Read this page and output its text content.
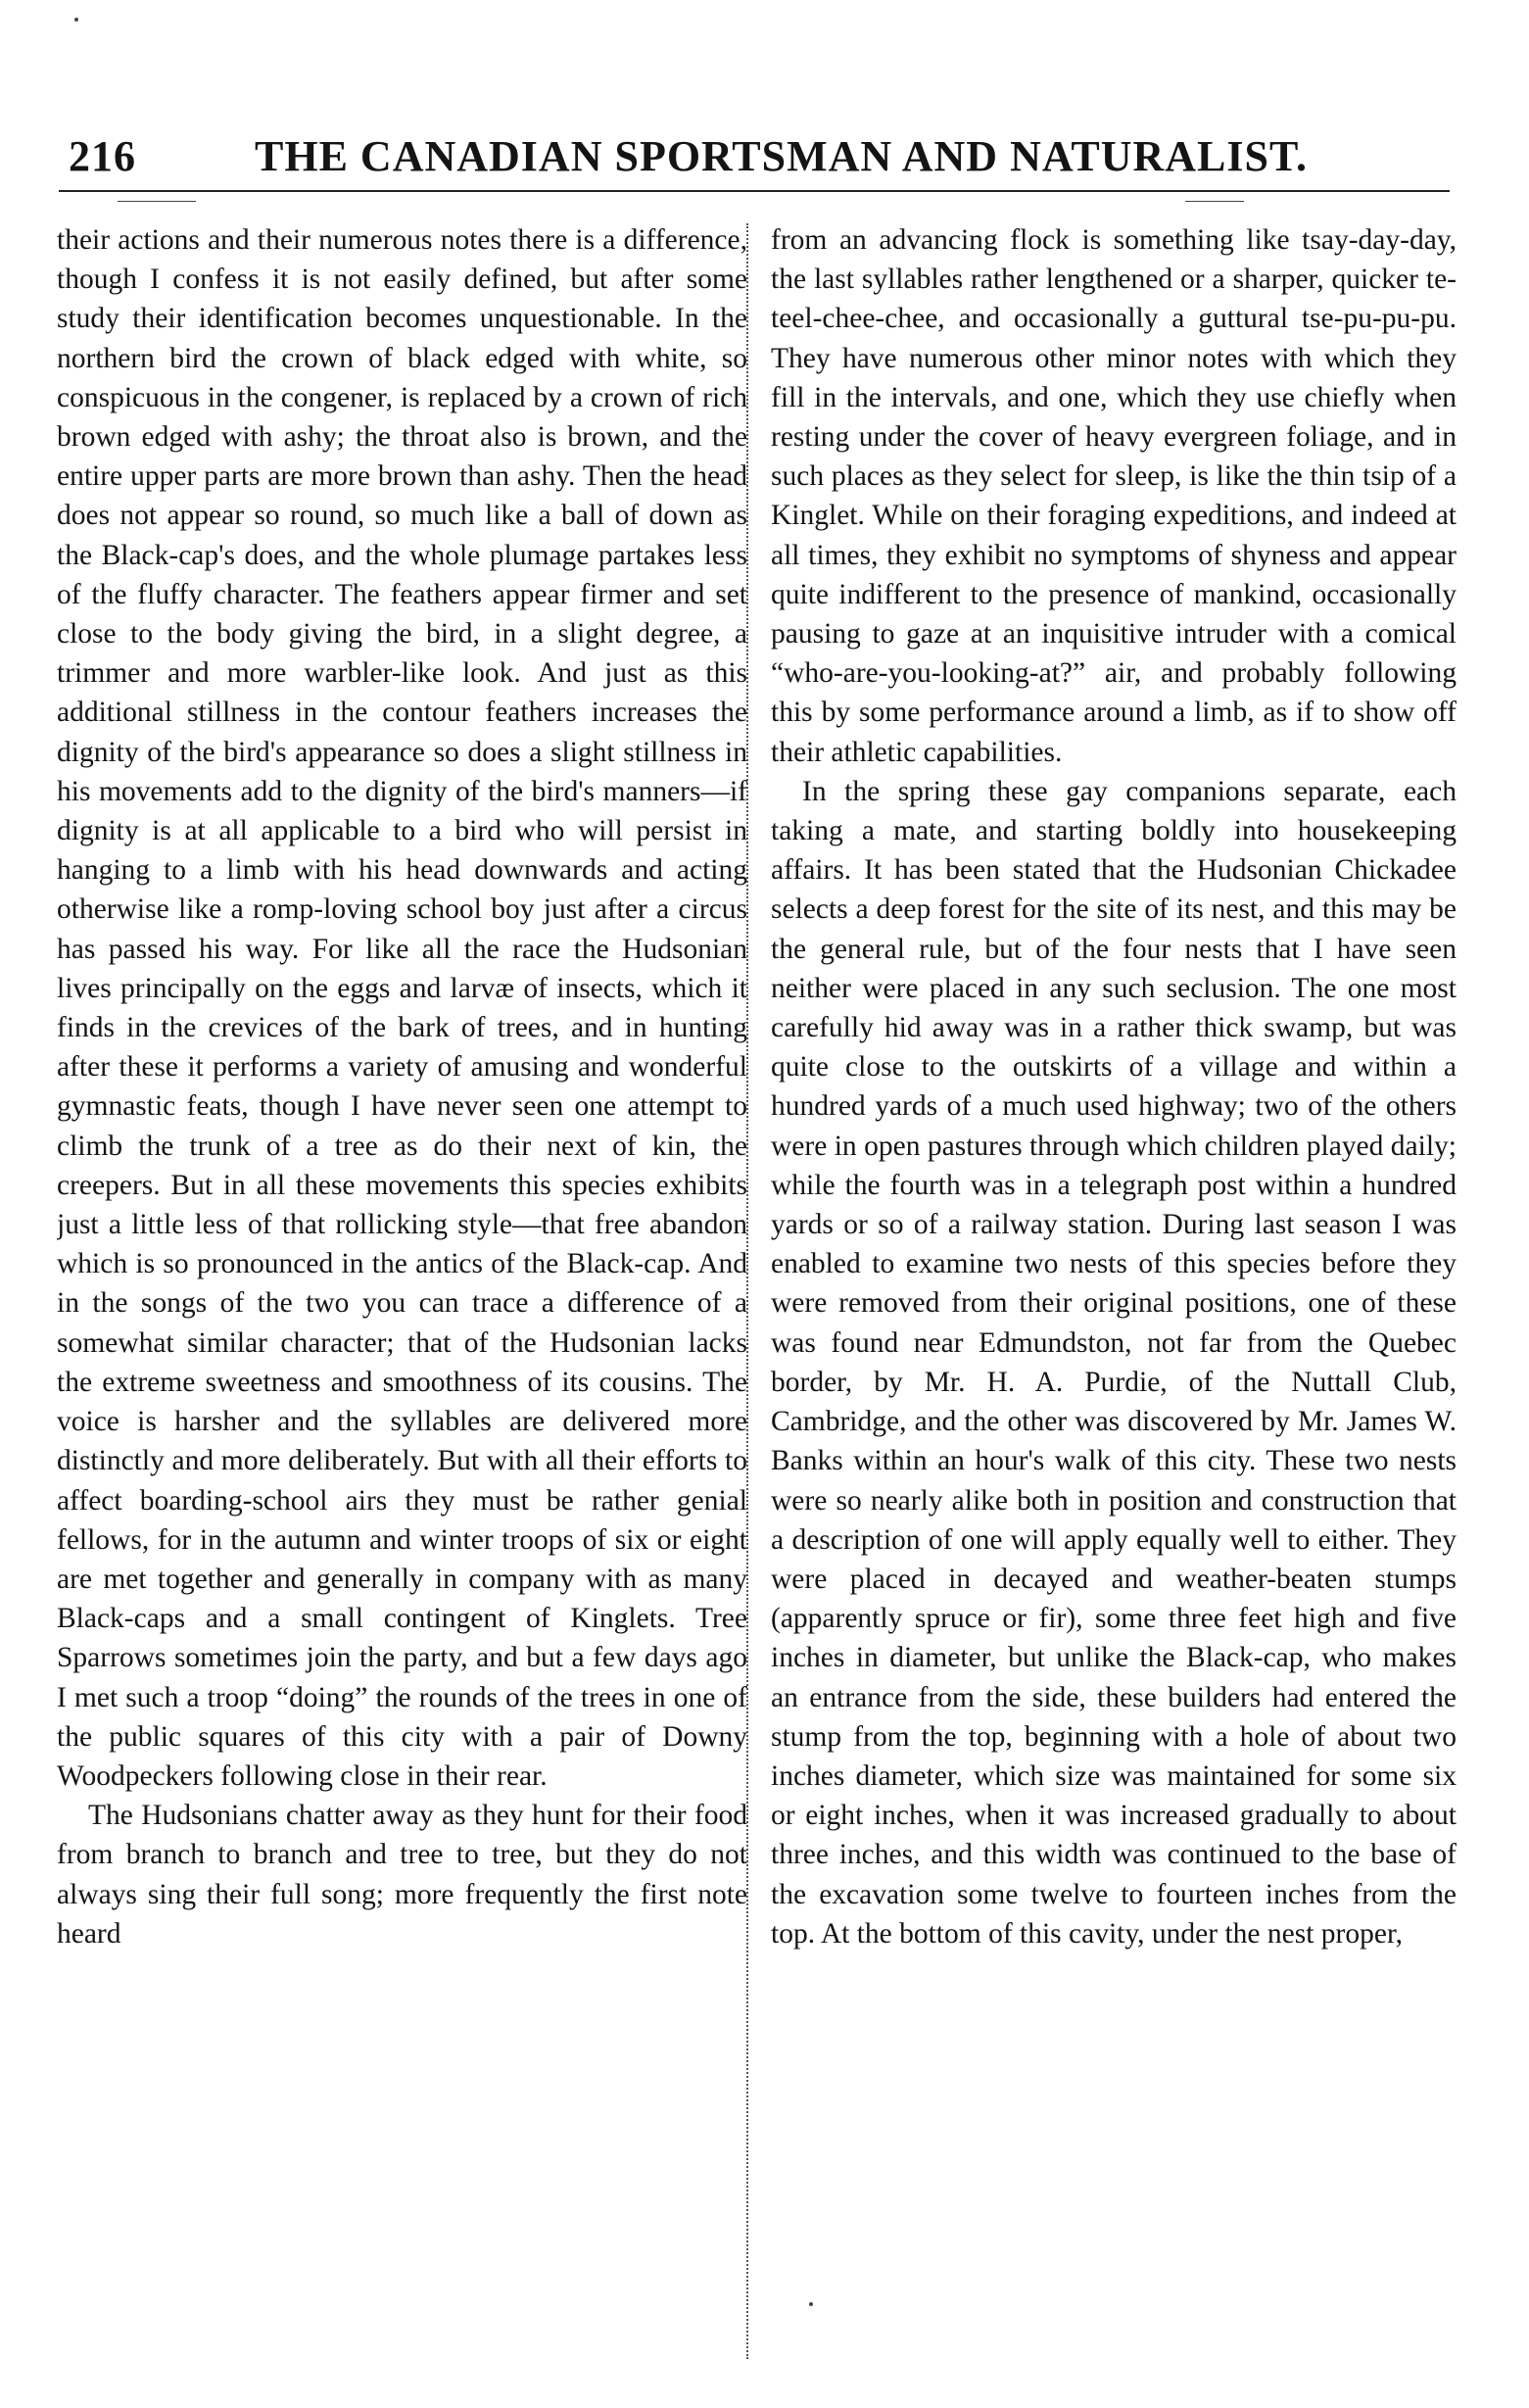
216	THE CANADIAN SPORTSMAN AND NATURALIST.

their actions and their numerous notes there is a difference, though I confess it is not easily defined, but after some study their identification becomes unquestionable. In the northern bird the crown of black edged with white, so conspicuous in the congener, is replaced by a crown of rich brown edged with ashy; the throat also is brown, and the entire upper parts are more brown than ashy. Then the head does not appear so round, so much like a ball of down as the Black-cap's does, and the whole plumage partakes less of the fluffy character. The feathers appear firmer and set close to the body giving the bird, in a slight degree, a trimmer and more warbler-like look. And just as this additional stillness in the contour feathers increases the dignity of the bird's appearance so does a slight stillness in his movements add to the dignity of the bird's manners—if dignity is at all applicable to a bird who will persist in hanging to a limb with his head downwards and acting otherwise like a romp-loving school boy just after a circus has passed his way. For like all the race the Hudsonian lives principally on the eggs and larvæ of insects, which it finds in the crevices of the bark of trees, and in hunting after these it performs a variety of amusing and wonderful gymnastic feats, though I have never seen one attempt to climb the trunk of a tree as do their next of kin, the creepers. But in all these movements this species exhibits just a little less of that rollicking style—that free abandon which is so pronounced in the antics of the Black-cap. And in the songs of the two you can trace a difference of a somewhat similar character; that of the Hudsonian lacks the extreme sweetness and smoothness of its cousins. The voice is harsher and the syllables are delivered more distinctly and more deliberately. But with all their efforts to affect boarding-school airs they must be rather genial fellows, for in the autumn and winter troops of six or eight are met together and generally in company with as many Black-caps and a small contingent of Kinglets. Tree Sparrows sometimes join the party, and but a few days ago I met such a troop “doing” the rounds of the trees in one of the public squares of this city with a pair of Downy Woodpeckers following close in their rear.

The Hudsonians chatter away as they hunt for their food from branch to branch and tree to tree, but they do not always sing their full song; more frequently the first note heard

from an advancing flock is something like tsay-day-day, the last syllables rather lengthened or a sharper, quicker te-teel-chee-chee, and occasionally a guttural tse-pu-pu-pu. They have numerous other minor notes with which they fill in the intervals, and one, which they use chiefly when resting under the cover of heavy evergreen foliage, and in such places as they select for sleep, is like the thin tsip of a Kinglet. While on their foraging expeditions, and indeed at all times, they exhibit no symptoms of shyness and appear quite indifferent to the presence of mankind, occasionally pausing to gaze at an inquisitive intruder with a comical “who-are-you-looking-at?” air, and probably following this by some performance around a limb, as if to show off their athletic capabilities.

In the spring these gay companions separate, each taking a mate, and starting boldly into housekeeping affairs. It has been stated that the Hudsonian Chickadee selects a deep forest for the site of its nest, and this may be the general rule, but of the four nests that I have seen neither were placed in any such seclusion. The one most carefully hid away was in a rather thick swamp, but was quite close to the outskirts of a village and within a hundred yards of a much used highway; two of the others were in open pastures through which children played daily; while the fourth was in a telegraph post within a hundred yards or so of a railway station. During last season I was enabled to examine two nests of this species before they were removed from their original positions, one of these was found near Edmundston, not far from the Quebec border, by Mr. H. A. Purdie, of the Nuttall Club, Cambridge, and the other was discovered by Mr. James W. Banks within an hour's walk of this city. These two nests were so nearly alike both in position and construction that a description of one will apply equally well to either. They were placed in decayed and weather-beaten stumps (apparently spruce or fir), some three feet high and five inches in diameter, but unlike the Black-cap, who makes an entrance from the side, these builders had entered the stump from the top, beginning with a hole of about two inches diameter, which size was maintained for some six or eight inches, when it was increased gradually to about three inches, and this width was continued to the base of the excavation some twelve to fourteen inches from the top. At the bottom of this cavity, under the nest proper,
